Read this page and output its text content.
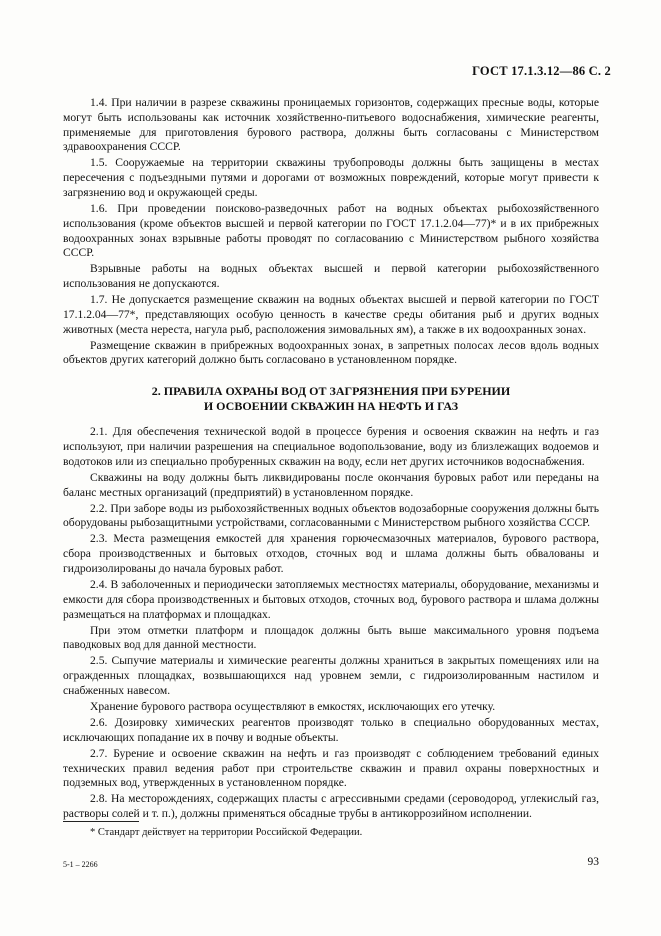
ГОСТ 17.1.3.12—86 С. 2

1.4. При наличии в разрезе скважины проницаемых горизонтов, содержащих пресные воды, которые могут быть использованы как источник хозяйственно-питьевого водоснабжения, химические реагенты, применяемые для приготовления бурового раствора, должны быть согласованы с Министерством здравоохранения СССР.

1.5. Сооружаемые на территории скважины трубопроводы должны быть защищены в местах пересечения с подъездными путями и дорогами от возможных повреждений, которые могут привести к загрязнению вод и окружающей среды.

1.6. При проведении поисково-разведочных работ на водных объектах рыбохозяйственного использования (кроме объектов высшей и первой категории по ГОСТ 17.1.2.04—77)* и в их прибрежных водоохранных зонах взрывные работы проводят по согласованию с Министерством рыбного хозяйства СССР.

Взрывные работы на водных объектах высшей и первой категории рыбохозяйственного использования не допускаются.

1.7. Не допускается размещение скважин на водных объектах высшей и первой категории по ГОСТ 17.1.2.04—77*, представляющих особую ценность в качестве среды обитания рыб и других водных животных (места нереста, нагула рыб, расположения зимовальных ям), а также в их водоохранных зонах.

Размещение скважин в прибрежных водоохранных зонах, в запретных полосах лесов вдоль водных объектов других категорий должно быть согласовано в установленном порядке.

2. ПРАВИЛА ОХРАНЫ ВОД ОТ ЗАГРЯЗНЕНИЯ ПРИ БУРЕНИИ
И ОСВОЕНИИ СКВАЖИН НА НЕФТЬ И ГАЗ

2.1. Для обеспечения технической водой в процессе бурения и освоения скважин на нефть и газ используют, при наличии разрешения на специальное водопользование, воду из близлежащих водоемов и водотоков или из специально пробуренных скважин на воду, если нет других источников водоснабжения.

Скважины на воду должны быть ликвидированы после окончания буровых работ или переданы на баланс местных организаций (предприятий) в установленном порядке.

2.2. При заборе воды из рыбохозяйственных водных объектов водозаборные сооружения должны быть оборудованы рыбозащитными устройствами, согласованными с Министерством рыбного хозяйства СССР.

2.3. Места размещения емкостей для хранения горючесмазочных материалов, бурового раствора, сбора производственных и бытовых отходов, сточных вод и шлама должны быть обвалованы и гидроизолированы до начала буровых работ.

2.4. В заболоченных и периодически затопляемых местностях материалы, оборудование, механизмы и емкости для сбора производственных и бытовых отходов, сточных вод, бурового раствора и шлама должны размещаться на платформах и площадках.

При этом отметки платформ и площадок должны быть выше максимального уровня подъема паводковых вод для данной местности.

2.5. Сыпучие материалы и химические реагенты должны храниться в закрытых помещениях или на огражденных площадках, возвышающихся над уровнем земли, с гидроизолированным настилом и снабженных навесом.

Хранение бурового раствора осуществляют в емкостях, исключающих его утечку.

2.6. Дозировку химических реагентов производят только в специально оборудованных местах, исключающих попадание их в почву и водные объекты.

2.7. Бурение и освоение скважин на нефть и газ производят с соблюдением требований единых технических правил ведения работ при строительстве скважин и правил охраны поверхностных и подземных вод, утвержденных в установленном порядке.

2.8. На месторождениях, содержащих пласты с агрессивными средами (сероводород, углекислый газ, растворы солей и т. п.), должны применяться обсадные трубы в антикоррозийном исполнении.

* Стандарт действует на территории Российской Федерации.
5-1 – 2266	93
